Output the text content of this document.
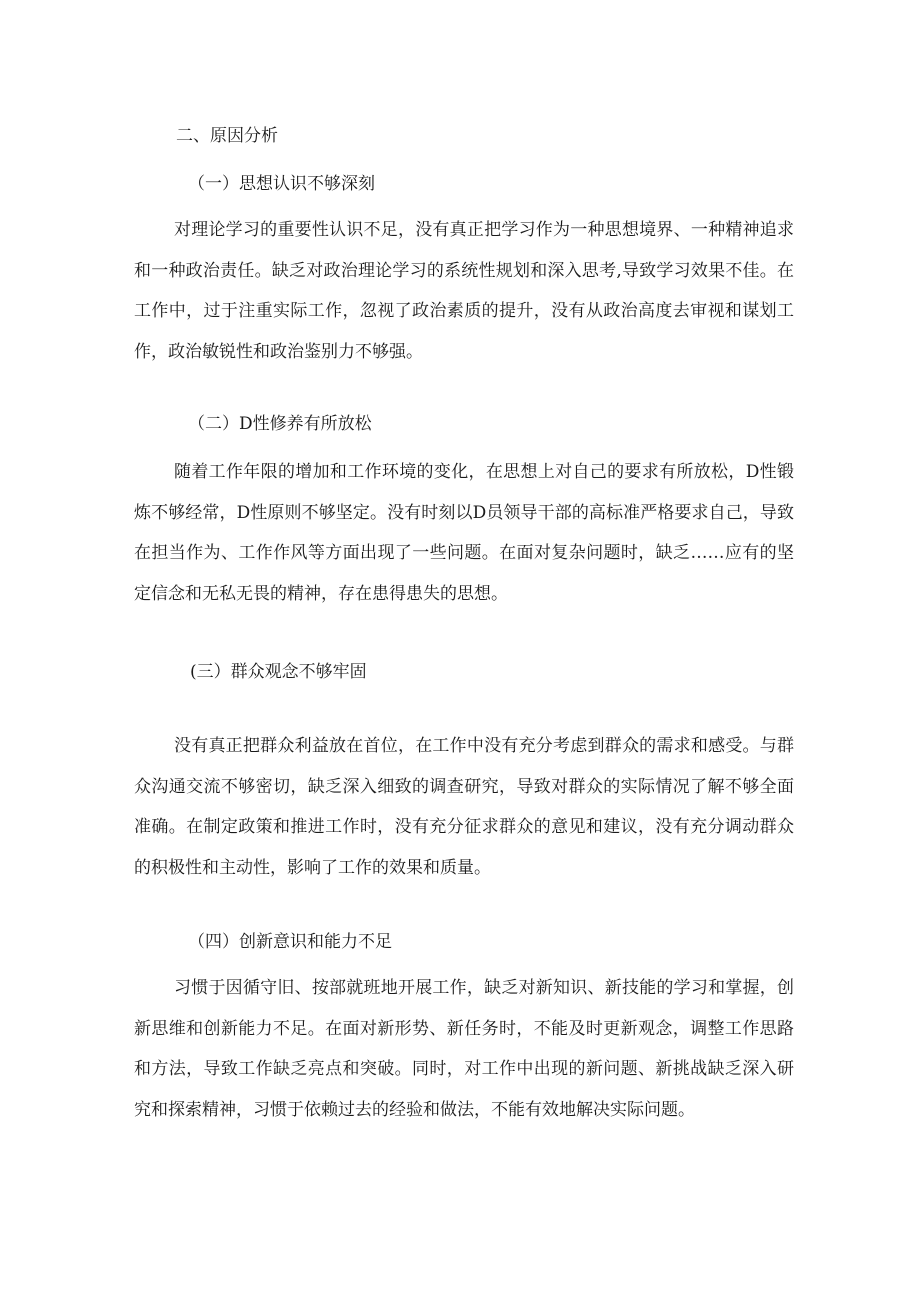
二、原因分析
（一）思想认识不够深刻

对理论学习的重要性认识不足，没有真正把学习作为一种思想境界、一种精神追求和一种政治责任。缺乏对政治理论学习的系统性规划和深入思考,导致学习效果不佳。在工作中，过于注重实际工作，忽视了政治素质的提升，没有从政治高度去审视和谋划工作，政治敏锐性和政治鉴别力不够强。

（二）D性修养有所放松

随着工作年限的增加和工作环境的变化，在思想上对自己的要求有所放松，D性锻炼不够经常，D性原则不够坚定。没有时刻以D员领导干部的高标准严格要求自己，导致在担当作为、工作作风等方面出现了一些问题。在面对复杂问题时，缺乏……应有的坚定信念和无私无畏的精神，存在患得患失的思想。

(三）群众观念不够牢固

没有真正把群众利益放在首位，在工作中没有充分考虑到群众的需求和感受。与群众沟通交流不够密切，缺乏深入细致的调查研究，导致对群众的实际情况了解不够全面准确。在制定政策和推进工作时，没有充分征求群众的意见和建议，没有充分调动群众的积极性和主动性，影响了工作的效果和质量。

（四）创新意识和能力不足

习惯于因循守旧、按部就班地开展工作，缺乏对新知识、新技能的学习和掌握，创新思维和创新能力不足。在面对新形势、新任务时，不能及时更新观念，调整工作思路和方法，导致工作缺乏亮点和突破。同时，对工作中出现的新问题、新挑战缺乏深入研究和探索精神，习惯于依赖过去的经验和做法，不能有效地解决实际问题。
